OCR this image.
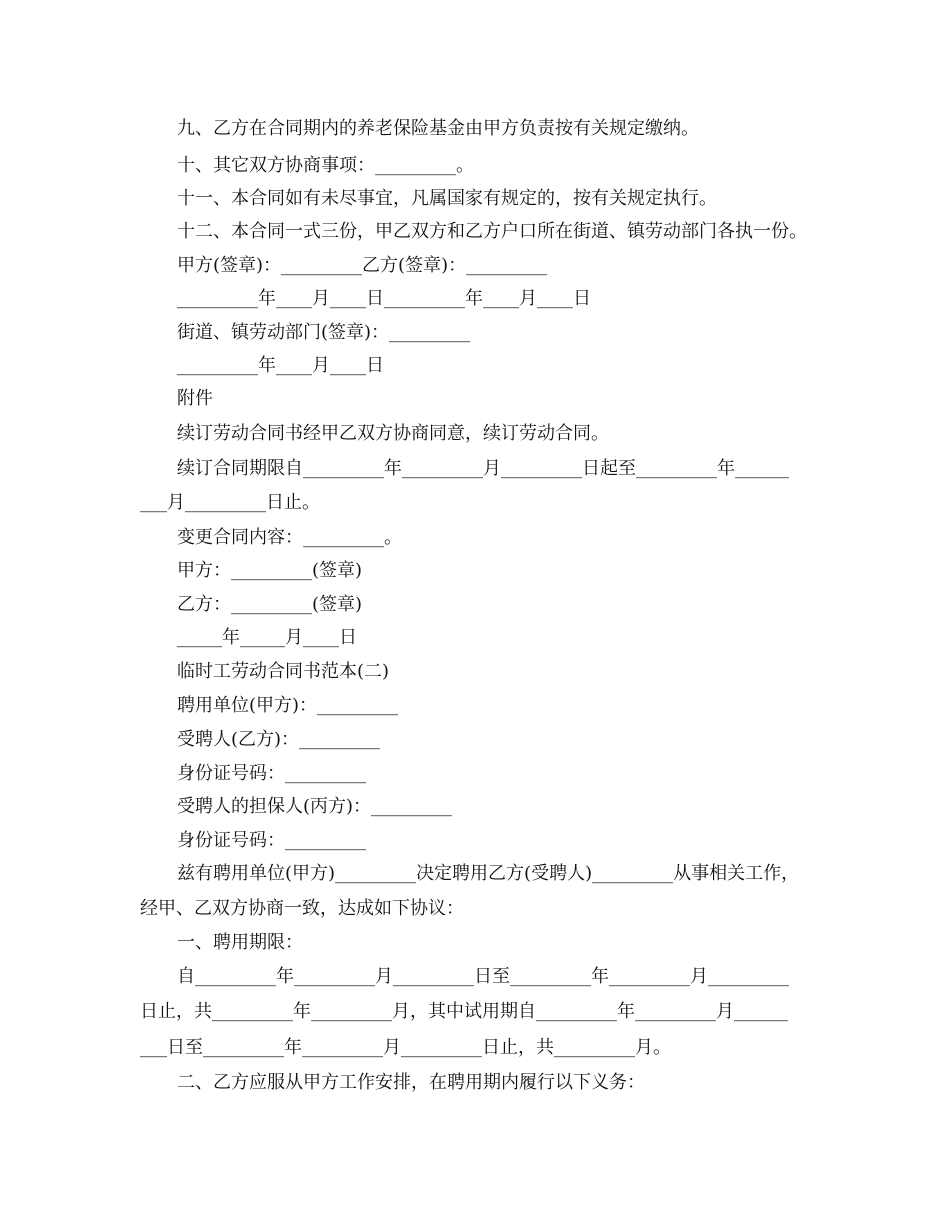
九、乙方在合同期内的养老保险基金由甲方负责按有关规定缴纳。
十、其它双方协商事项：_________。
十一、本合同如有未尽事宜，凡属国家有规定的，按有关规定执行。
十二、本合同一式三份，甲乙双方和乙方户口所在街道、镇劳动部门各执一份。
甲方(签章)：_________乙方(签章)：_________
_________年____月____日_________年____月____日
街道、镇劳动部门(签章)：_________
_________年____月____日
附件
续订劳动合同书经甲乙双方协商同意，续订劳动合同。
续订合同期限自_________年_________月_________日起至_________年______
___月_________日止。
变更合同内容：_________。
甲方：_________(签章)
乙方：_________(签章)
_____年_____月____日
临时工劳动合同书范本(二)
聘用单位(甲方)：_________
受聘人(乙方)：_________
身份证号码：_________
受聘人的担保人(丙方)：_________
身份证号码：_________
兹有聘用单位(甲方)_________决定聘用乙方(受聘人)_________从事相关工作，
经甲、乙双方协商一致，达成如下协议：
一、聘用期限：
自_________年_________月_________日至_________年_________月_________
日止，共_________年_________月，其中试用期自_________年_________月______
___日至_________年_________月_________日止，共_________月。
二、乙方应服从甲方工作安排，在聘用期内履行以下义务：
